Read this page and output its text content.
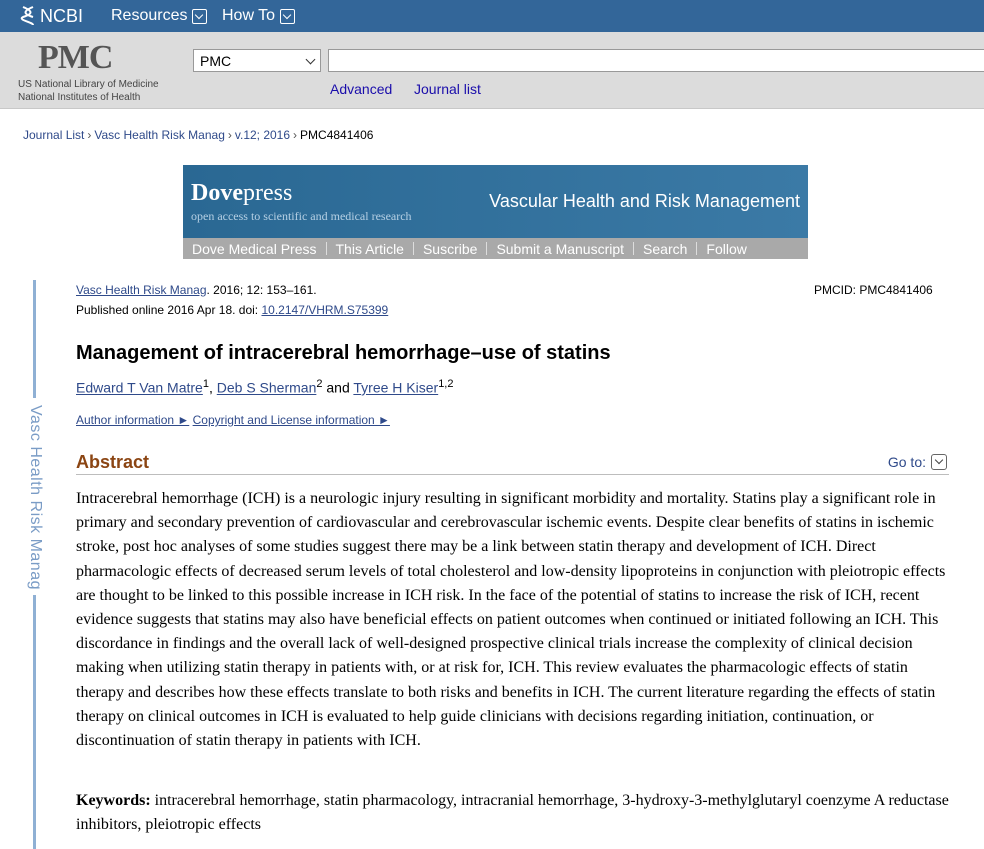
NCBI Resources How To
PMC
US National Library of Medicine
National Institutes of Health
PMC
Advanced Journal list
Journal List › Vasc Health Risk Manag › v.12; 2016 › PMC4841406
Dovepress
open access to scientific and medical research
Vascular Health and Risk Management
Dove Medical Press	This Article	Suscribe	Submit a Manuscript	Search	Follow
Vasc Health Risk Manag
Vasc Health Risk Manag. 2016; 12: 153–161.
Published online 2016 Apr 18. doi: 10.2147/VHRM.S75399
PMCID: PMC4841406
Management of intracerebral hemorrhage–use of statins
Edward T Van Matre$^1$, Deb S Sherman$^2$ and Tyree H Kiser$^{1,2}$
Author information ► Copyright and License information ►
Abstract	Go to:

Intracerebral hemorrhage (ICH) is a neurologic injury resulting in significant morbidity and mortality. Statins play a significant role in primary and secondary prevention of cardiovascular and cerebrovascular ischemic events. Despite clear benefits of statins in ischemic stroke, post hoc analyses of some studies suggest there may be a link between statin therapy and development of ICH. Direct pharmacologic effects of decreased serum levels of total cholesterol and low-density lipoproteins in conjunction with pleiotropic effects are thought to be linked to this possible increase in ICH risk. In the face of the potential of statins to increase the risk of ICH, recent evidence suggests that statins may also have beneficial effects on patient outcomes when continued or initiated following an ICH. This discordance in findings and the overall lack of well-designed prospective clinical trials increase the complexity of clinical decision making when utilizing statin therapy in patients with, or at risk for, ICH. This review evaluates the pharmacologic effects of statin therapy and describes how these effects translate to both risks and benefits in ICH. The current literature regarding the effects of statin therapy on clinical outcomes in ICH is evaluated to help guide clinicians with decisions regarding initiation, continuation, or discontinuation of statin therapy in patients with ICH.

Keywords: intracerebral hemorrhage, statin pharmacology, intracranial hemorrhage, 3-hydroxy-3-methylglutaryl coenzyme A reductase inhibitors, pleiotropic effects
